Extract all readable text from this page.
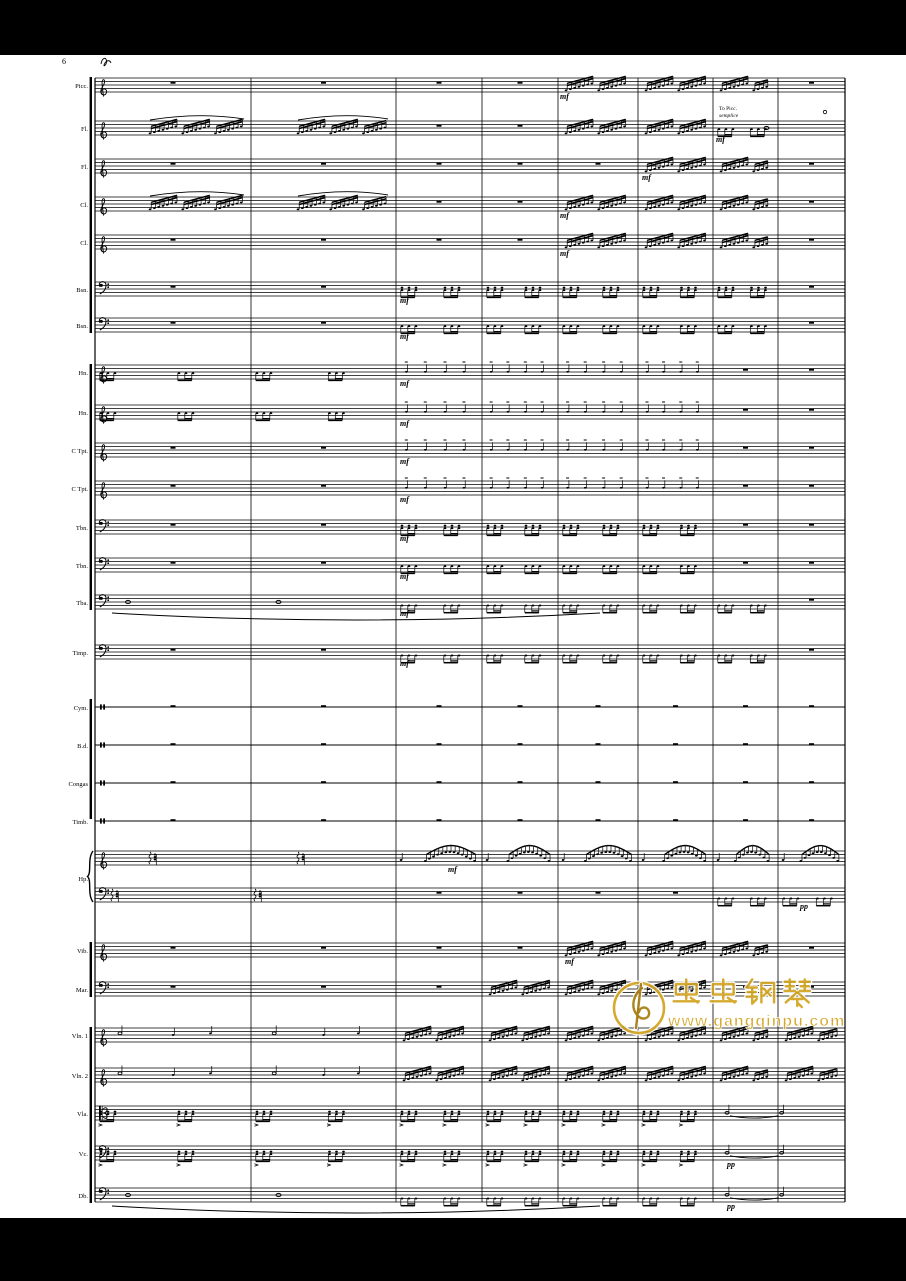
6
Picc.
mf
Fl.
mf
Fl.
mf
Cl.
mf
Cl.
mf
Bsn.
mf
Bsn.
mf
Hn.
mf
Hn.
mf
C Tpt.
mf
C Tpt.
mf
Tbn.
mf
Tbn.
mf
Tba.
mf
Timp.
mf
Cym.
B.d.
Congas
Timb.
Hp.
mf
pp
Vib.
mf
Mar.
Vln. 1
Vln. 2
Vla.
Vc.
pp
Db.
pp
To Picc.
semplice
www.gangqinpu.com
